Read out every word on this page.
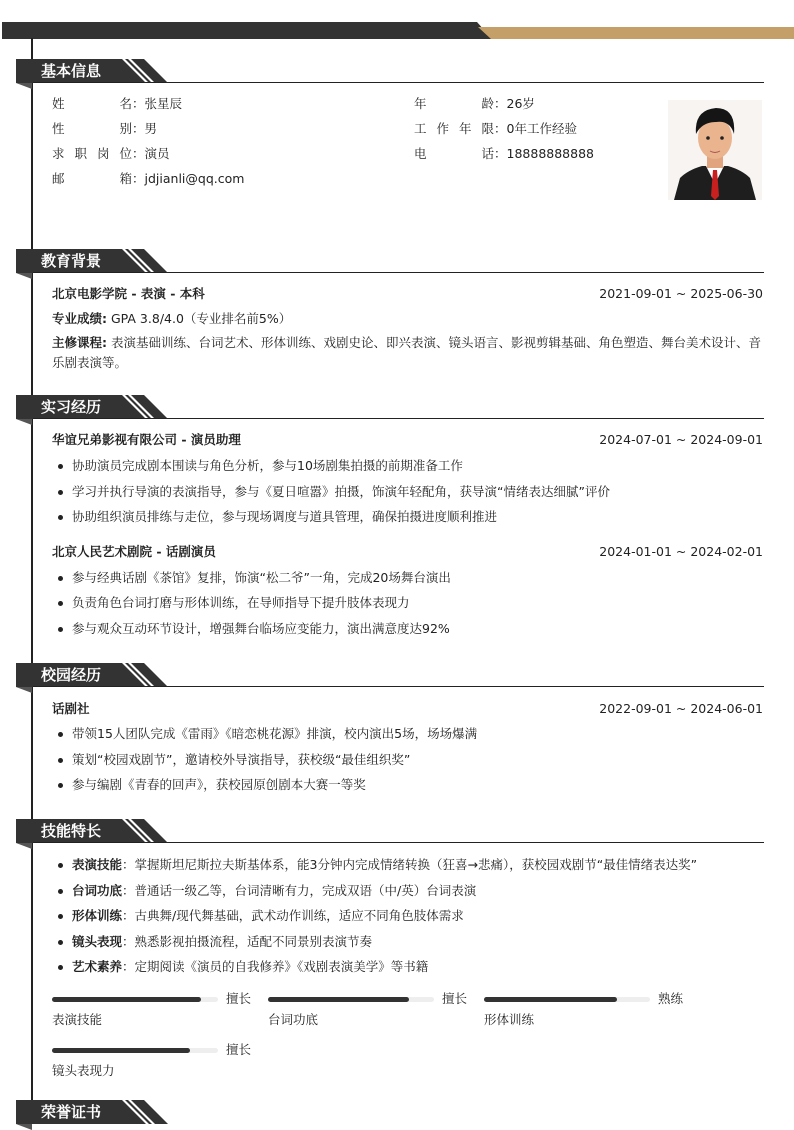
基本信息
教育背景
实习经历
校园经历
技能特长
荣誉证书
姓名：张星辰
性别：男
求职岗位：演员
邮箱：jdjianli@qq.com
年龄：26岁
工作年限：0年工作经验
电话：18888888888
北京电影学院 - 表演 - 本科	2021-09-01 ~ 2025-06-30
专业成绩: GPA 3.8/4.0（专业排名前5%）
主修课程: 表演基础训练、台词艺术、形体训练、戏剧史论、即兴表演、镜头语言、影视剪辑基础、角色塑造、舞台美术设计、音乐剧表演等。
华谊兄弟影视有限公司 - 演员助理	2024-07-01 ~ 2024-09-01
协助演员完成剧本围读与角色分析，参与10场剧集拍摄的前期准备工作
学习并执行导演的表演指导，参与《夏日喧嚣》拍摄，饰演年轻配角，获导演“情绪表达细腻”评价
协助组织演员排练与走位，参与现场调度与道具管理，确保拍摄进度顺利推进
北京人民艺术剧院 - 话剧演员	2024-01-01 ~ 2024-02-01
参与经典话剧《茶馆》复排，饰演“松二爷”一角，完成20场舞台演出
负责角色台词打磨与形体训练，在导师指导下提升肢体表现力
参与观众互动环节设计，增强舞台临场应变能力，演出满意度达92%
话剧社	2022-09-01 ~ 2024-06-01
带领15人团队完成《雷雨》《暗恋桃花源》排演，校内演出5场，场场爆满
策划“校园戏剧节”，邀请校外导演指导，获校级“最佳组织奖”
参与编剧《青春的回声》，获校园原创剧本大赛一等奖
表演技能：掌握斯坦尼斯拉夫斯基体系，能3分钟内完成情绪转换（狂喜→悲痛），获校园戏剧节“最佳情绪表达奖”
台词功底：普通话一级乙等，台词清晰有力，完成双语（中/英）台词表演
形体训练：古典舞/现代舞基础，武术动作训练，适应不同角色肢体需求
镜头表现：熟悉影视拍摄流程，适配不同景别表演节奏
艺术素养：定期阅读《演员的自我修养》《戏剧表演美学》等书籍
擅长
表演技能
擅长
台词功底
熟练
形体训练
擅长
镜头表现力
